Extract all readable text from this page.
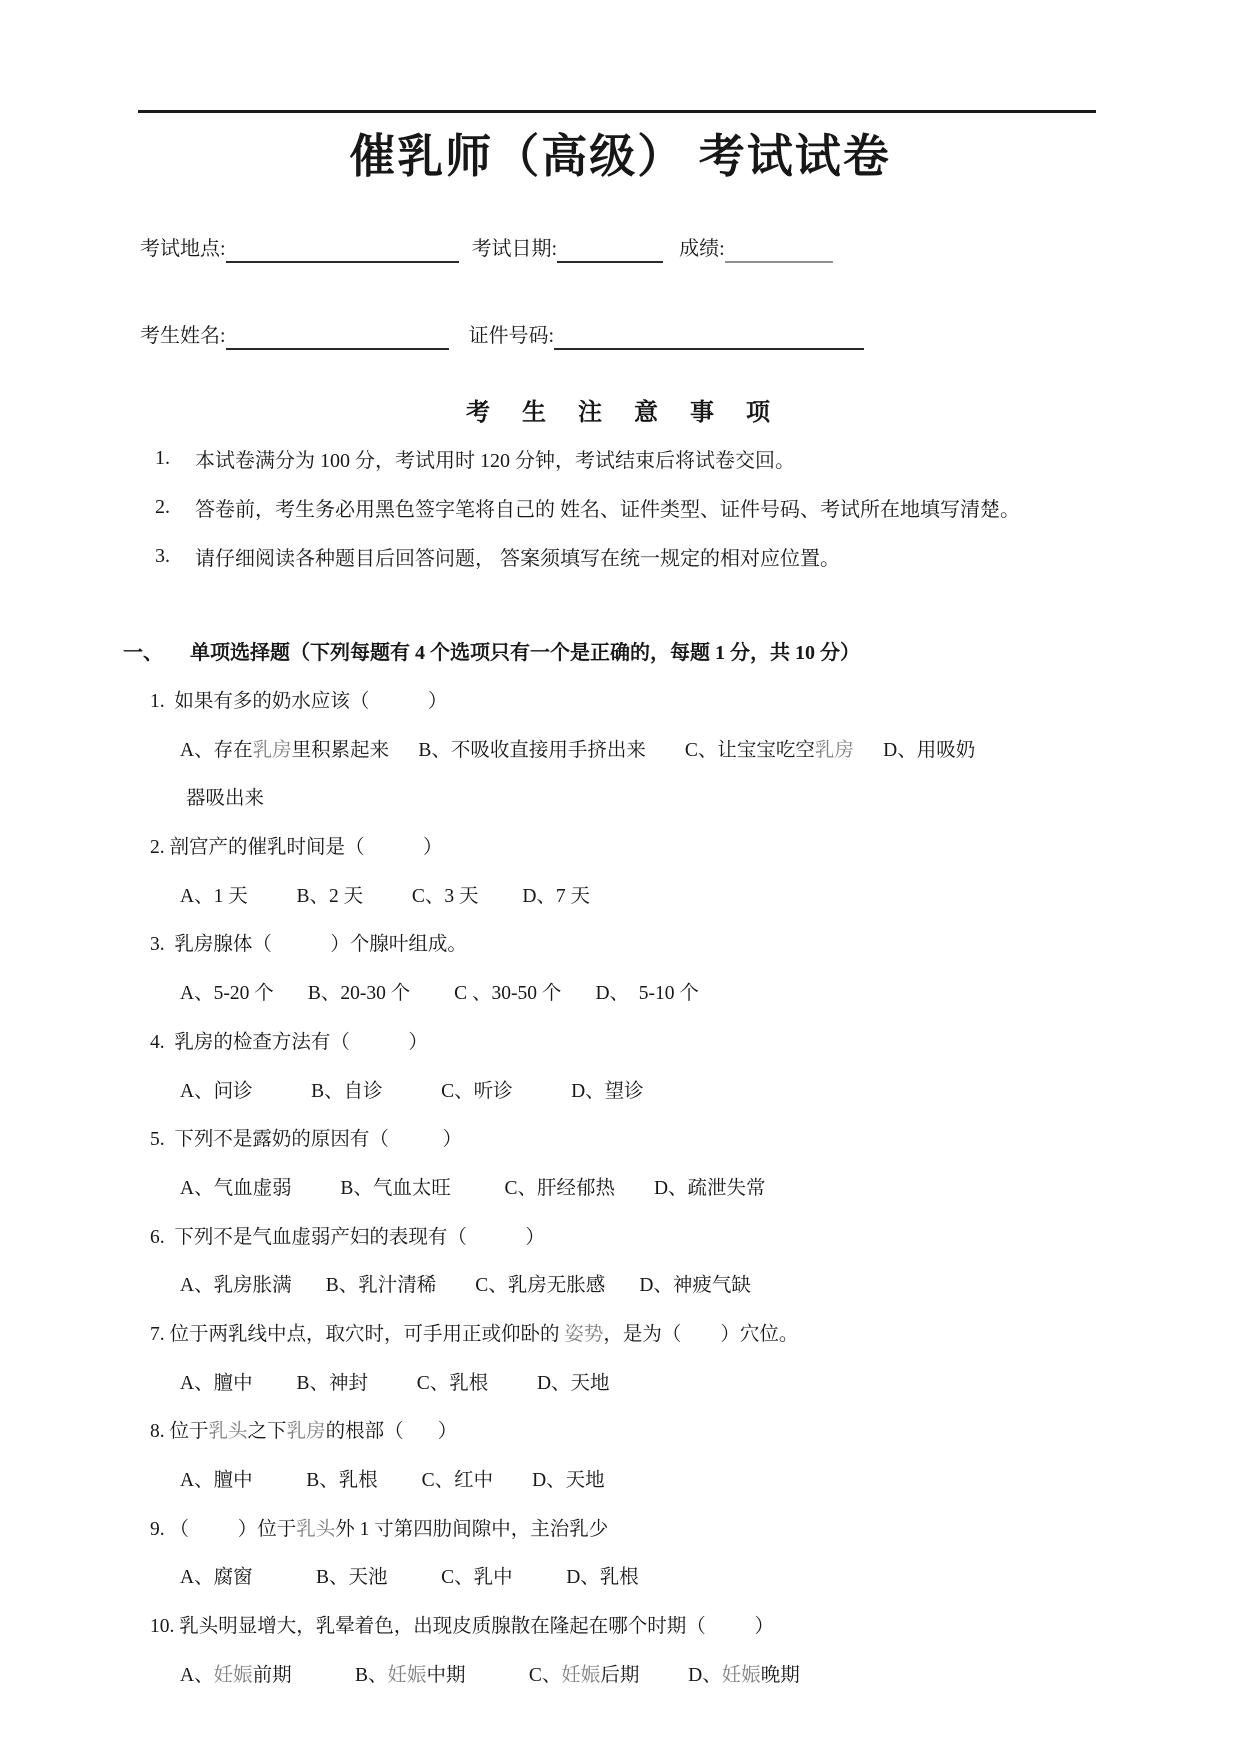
催乳师（高级） 考试试卷
考试地点:	考试日期:	成绩:
考生姓名:	证件号码:
考　生　注　意　事　项
1.	本试卷满分为 100 分，考试用时 120 分钟，考试结束后将试卷交回。
2.	答卷前，考生务必用黑色签字笔将自己的 姓名、证件类型、证件号码、考试所在地填写清楚。
3.	请仔细阅读各种题目后回答问题， 答案须填写在统一规定的相对应位置。
一、 单项选择题（下列每题有 4 个选项只有一个是正确的，每题 1 分，共 10 分）
1.  如果有多的奶水应该（            ）
A、存在 乳房 里积累起来      B、不吸收直接用手挤出来        C、让宝宝吃空 乳房 D、用吸奶
器吸出来
2. 剖宫产的催乳时间是（            ）
A、1 天          B、2 天          C、3 天         D、7 天
3.  乳房腺体（            ）个腺叶组成。
A、5-20 个       B、20-30 个         C 、30-50 个       D、  5-10 个
4.  乳房的检查方法有（            ）
A、问诊            B、自诊            C、听诊            D、望诊
5.  下列不是露奶的原因有（           ）
A、气血虚弱          B、气血太旺           C、肝经郁热        D、疏泄失常
6.  下列不是气血虚弱产妇的表现有（            ）
A、乳房胀满       B、乳汁清稀        C、乳房无胀感       D、神疲气缺
7. 位于两乳线中点，取穴时，可手用正或仰卧的 姿势 ，是为（        ）穴位。
A、膻中         B、神封          C、乳根          D、天地
8. 位于 乳头 之下 乳房 的根部（       ）
A、膻中           B、乳根         C、红中        D、天地
9. （          ）位于 乳头 外 1 寸第四肋间隙中，主治乳少
A、腐窗             B、天池           C、乳中           D、乳根
10. 乳头明显增大，乳晕着色，出现皮质腺散在隆起在哪个时期（          ）
A、 妊娠 前期             B、 妊娠 中期             C、 妊娠 后期          D、 妊娠 晚期
